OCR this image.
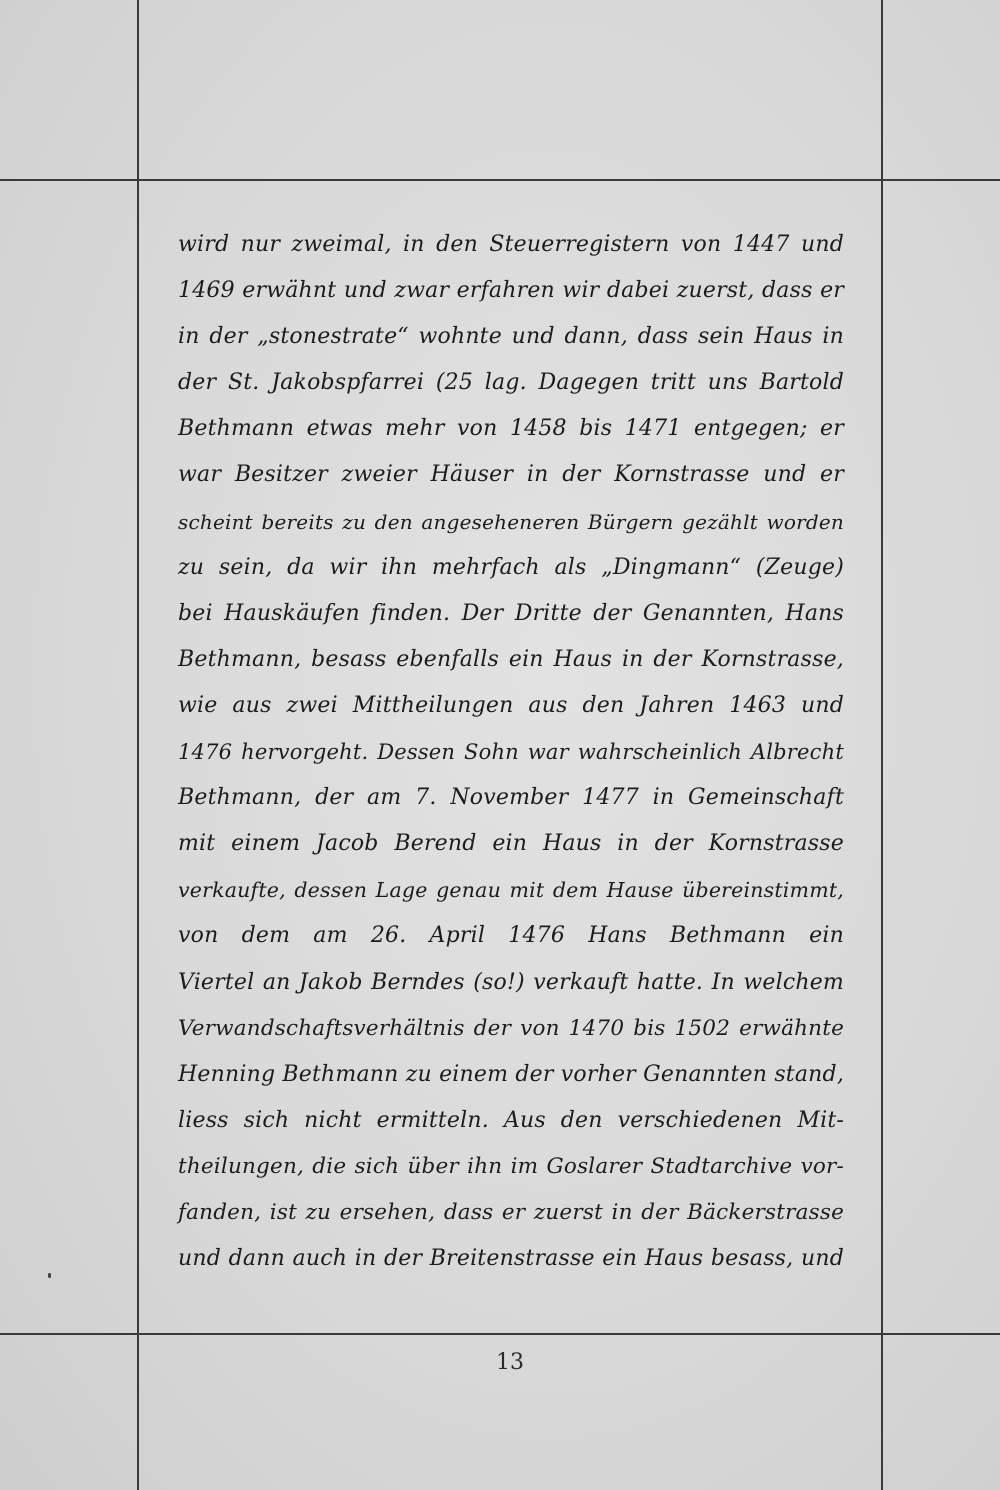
wird nur zweimal, in den Steuerregistern von 1447 und
1469 erwähnt und zwar erfahren wir dabei zuerst, dass er
in der „stonestrate“ wohnte und dann, dass sein Haus in
der St. Jakobspfarrei (25 lag. Dagegen tritt uns Bartold
Bethmann etwas mehr von 1458 bis 1471 entgegen; er
war Besitzer zweier Häuser in der Kornstrasse und er
scheint bereits zu den angeseheneren Bürgern gezählt worden
zu sein, da wir ihn mehrfach als „Dingmann“ (Zeuge)
bei Hauskäufen finden. Der Dritte der Genannten, Hans
Bethmann, besass ebenfalls ein Haus in der Kornstrasse,
wie aus zwei Mittheilungen aus den Jahren 1463 und
1476 hervorgeht. Dessen Sohn war wahrscheinlich Albrecht
Bethmann, der am 7. November 1477 in Gemeinschaft
mit einem Jacob Berend ein Haus in der Kornstrasse
verkaufte, dessen Lage genau mit dem Hause übereinstimmt,
von dem am 26. April 1476 Hans Bethmann ein
Viertel an Jakob Berndes (so!) verkauft hatte. In welchem
Verwandschaftsverhältnis der von 1470 bis 1502 erwähnte
Henning Bethmann zu einem der vorher Genannten stand,
liess sich nicht ermitteln. Aus den verschiedenen Mit-
theilungen, die sich über ihn im Goslarer Stadtarchive vor-
fanden, ist zu ersehen, dass er zuerst in der Bäckerstrasse
und dann auch in der Breitenstrasse ein Haus besass, und
13
